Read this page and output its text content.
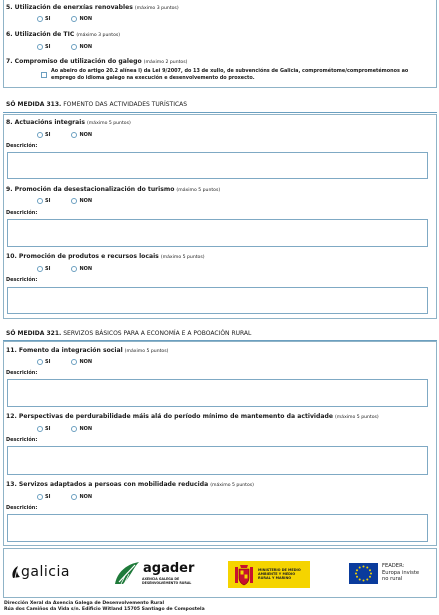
5. Utilización de enerxías renovables (máximo 3 puntos)
SI	NON
6. Utilización de TIC (máximo 3 puntos)
SI	NON
7. Compromiso de utilización do galego (máximo 2 puntos)
Ao abeiro do artigo 20.2 alínea l) da Lei 9/2007, do 13 de xullo, de subvencións de Galicia, comprométome/comprometémonos ao emprego do idioma galego na execución e desenvolvemento do proxecto.
SÓ MEDIDA 313. FOMENTO DAS ACTIVIDADES TURÍSTICAS
8. Actuacións integrais (máximo 5 puntos)
SI	NON
Descrición:
9. Promoción da desestacionalización do turismo (máximo 5 puntos)
SI	NON
Descrición:
10. Promoción de produtos e recursos locais (máximo 5 puntos)
SI	NON
Descrición:
SÓ MEDIDA 321. SERVIZOS BÁSICOS PARA A ECONOMÍA E A POBOACIÓN RURAL
11. Fomento da integración social (máximo 5 puntos)
SI	NON
Descrición:
12. Perspectivas de perdurabilidade máis alá do período mínimo de mantemento da actividade (máximo 5 puntos)
SI	NON
Descrición:
13. Servizos adaptados a persoas con mobilidade reducida (máximo 5 puntos)
SI	NON
Descrición:
galicia	agader
AXENCIA GALEGA DE DESENVOLVEMENTO RURAL
MINISTERIO DE MEDIO AMBIENTE Y MEDIO RURAL Y MARINO
FEADER:
Europa inviste
no rural
Dirección Xeral da Axencia Galega de Desenvolvemento Rural
Rúa dos Camiños da Vida s/n. Edificio Witland 15705 Santiago de Compostela
